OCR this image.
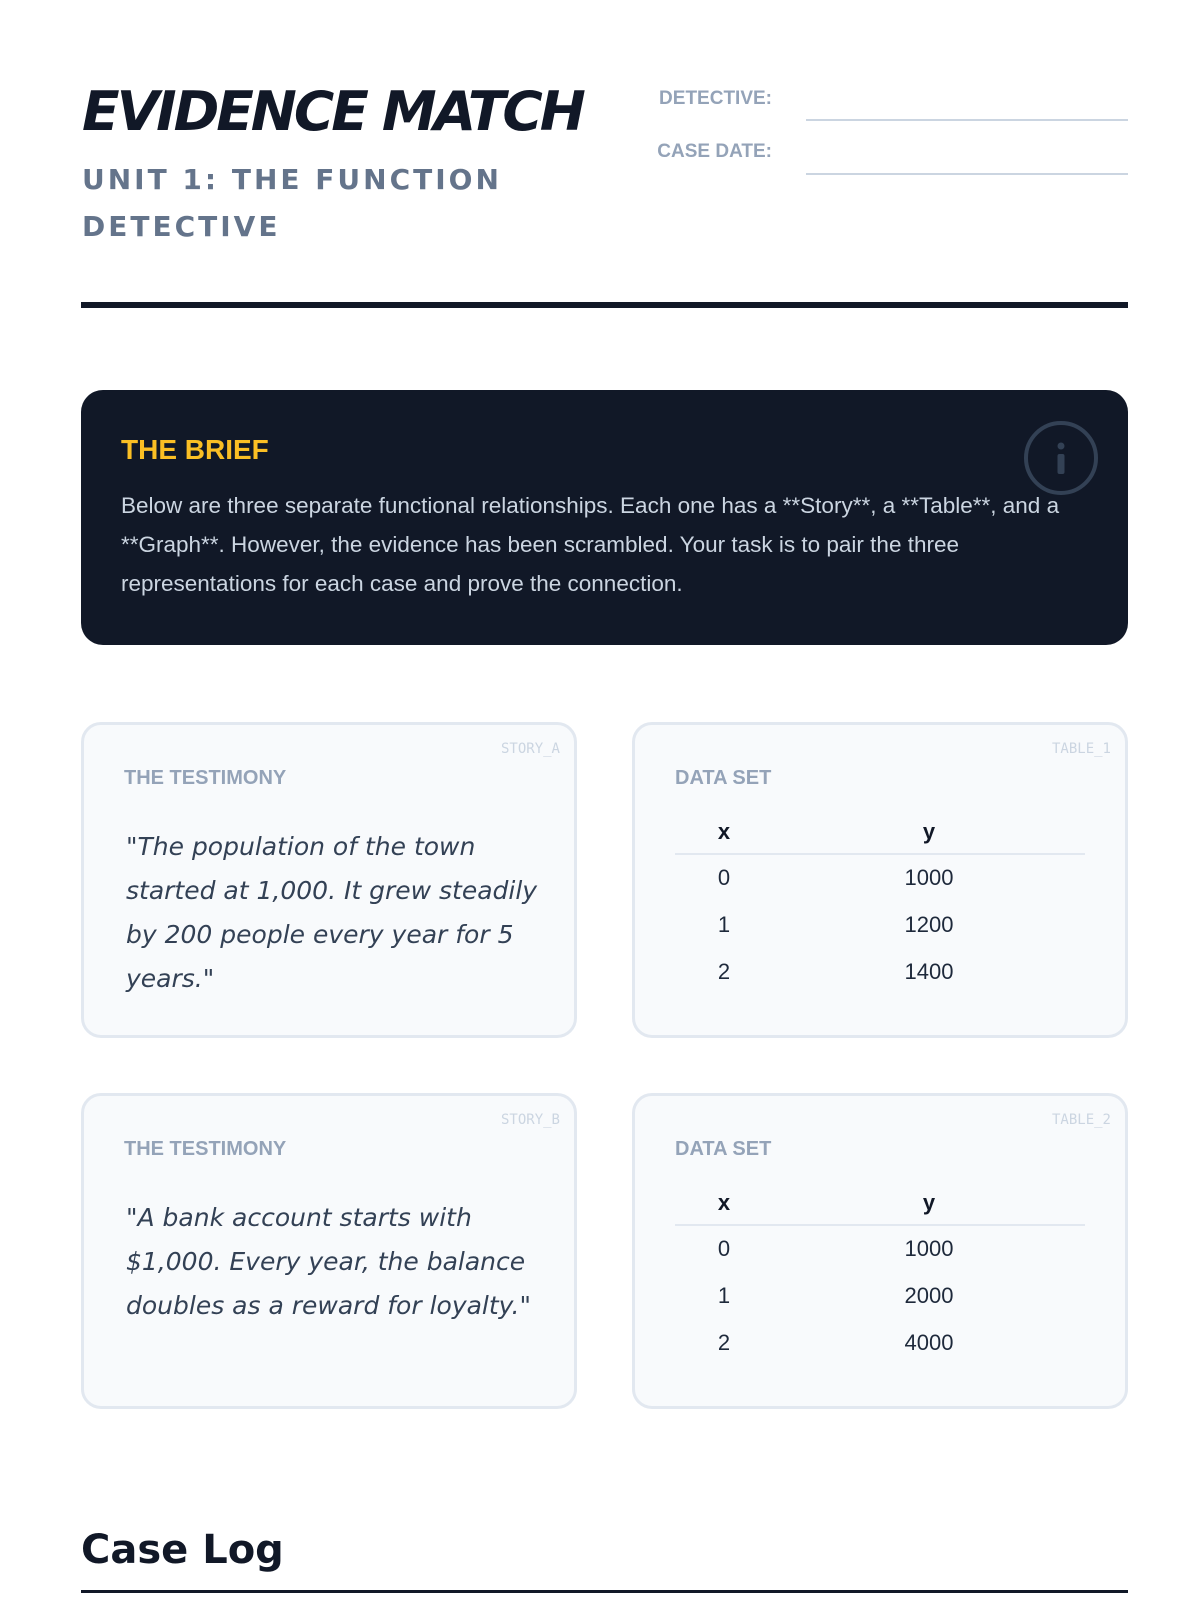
EVIDENCE MATCH
UNIT 1: THE FUNCTION DETECTIVE
DETECTIVE:
CASE DATE:
THE BRIEF
Below are three separate functional relationships. Each one has a **Story**, a **Table**, and a **Graph**. However, the evidence has been scrambled. Your task is to pair the three representations for each case and prove the connection.
STORY_A
THE TESTIMONY
"The population of the town started at 1,000. It grew steadily by 200 people every year for 5 years."
TABLE_1
DATA SET
x	y
0	1000
1	1200
2	1400
STORY_B
THE TESTIMONY
"A bank account starts with $1,000. Every year, the balance doubles as a reward for loyalty."
TABLE_2
DATA SET
x	y
0	1000
1	2000
2	4000
Case Log
